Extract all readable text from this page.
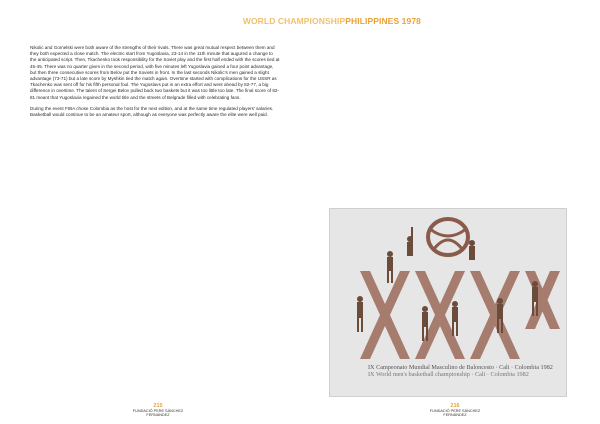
WORLD CHAMPIONSHIPPHILIPPINES 1978

Nikolic and Gomelski were both aware of the strengths of their rivals. There was great mutual respect between them and they both expected a close match. The electric start from Yugoslavia, 23-14 in the 11th minute that augured a change to the anticipated script. Then, Tkachenko took responsibility for the Soviet play and the first half ended with the scores tied at 45-45. There was no quarter given in the second period, with five minutes left Yugoslavia gained a four point advantage, but then three consecutive scores from Belov put the Soviets in front. In the last seconds Nikolic's men gained a slight advantage (73-71) but a late score by Myshkin tied the match again. Overtime started with complications for the USSR as Tkachenko was sent off for his fifth personal foul. The Yugoslavs put in an extra effort and went ahead by 82-77, a big difference in overtime. The talent of Sergei Belov pulled back two baskets but it was too little too late. The final score of 82-81 meant that Yugoslavia regained the world title and the streets of Belgrade filled with celebrating fans.

During the event FIBA chose Colombia as the host for the next edition, and at the same time regulated players' salaries. Basketball would continue to be an amateur sport, although as everyone was perfectly aware the elite were well paid.

IX Campeonato Mundial Masculino de Baloncesto · Cali · Colombia 1982
IX World men's basketball championship · Cali · Colombia 1982
215
FUNDACIÓ PERE SÁNCHEZ FERNÁNDEZ
216
FUNDACIÓ PERE SÁNCHEZ FERNÁNDEZ
